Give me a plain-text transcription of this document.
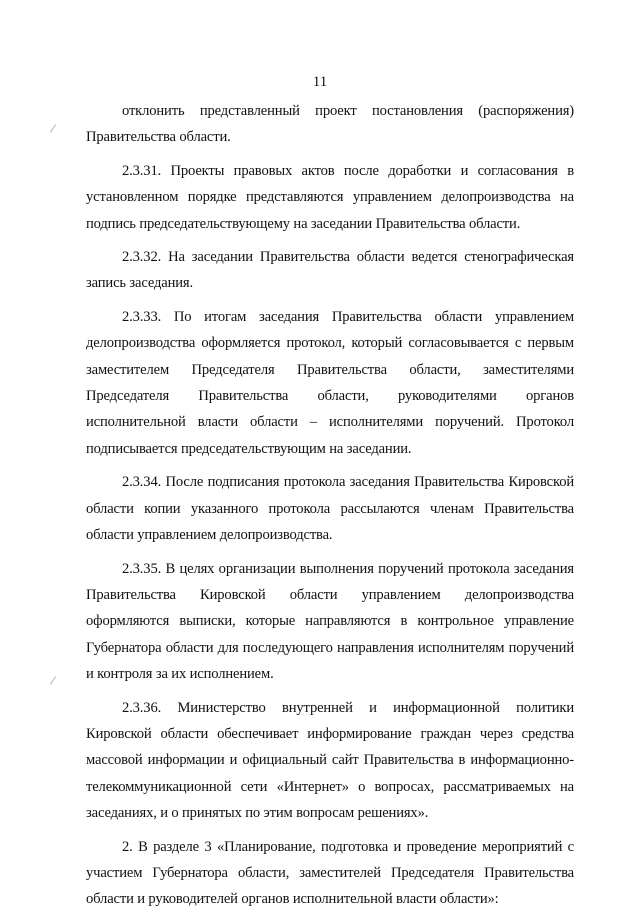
11

отклонить представленный проект постановления (распоряжения) Правительства области.

2.3.31. Проекты правовых актов после доработки и согласования в установленном порядке представляются управлением делопроизводства на подпись председательствующему на заседании Правительства области.

2.3.32. На заседании Правительства области ведется стенографическая запись заседания.

2.3.33. По итогам заседания Правительства области управлением делопроизводства оформляется протокол, который согласовывается с первым заместителем Председателя Правительства области, заместителями Председателя Правительства области, руководителями органов исполнительной власти области – исполнителями поручений. Протокол подписывается председательствующим на заседании.

2.3.34. После подписания протокола заседания Правительства Кировской области копии указанного протокола рассылаются членам Правительства области управлением делопроизводства.

2.3.35. В целях организации выполнения поручений протокола заседания Правительства Кировской области управлением делопроизводства оформляются выписки, которые направляются в контрольное управление Губернатора области для последующего направления исполнителям поручений и контроля за их исполнением.

2.3.36. Министерство внутренней и информационной политики Кировской области обеспечивает информирование граждан через средства массовой информации и официальный сайт Правительства в информационно-телекоммуникационной сети «Интернет» о вопросах, рассматриваемых на заседаниях, и о принятых по этим вопросам решениях».

2. В разделе 3 «Планирование, подготовка и проведение мероприятий с участием Губернатора области, заместителей Председателя Правительства области и руководителей органов исполнительной власти области»:
